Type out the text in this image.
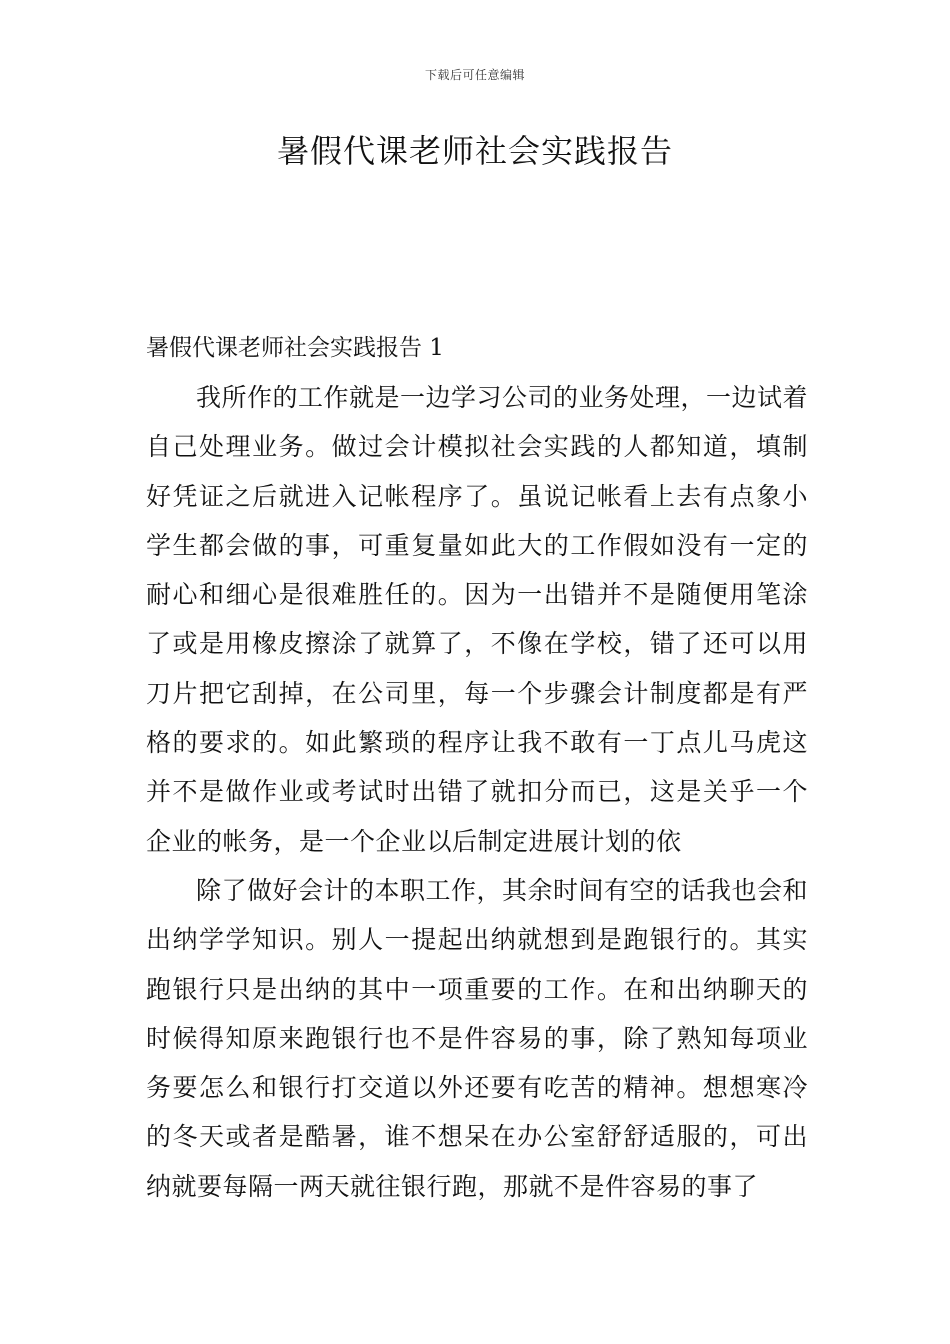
下载后可任意编辑
暑假代课老师社会实践报告
暑假代课老师社会实践报告 1

我所作的工作就是一边学习公司的业务处理，一边试着自己处理业务。做过会计模拟社会实践的人都知道，填制好凭证之后就进入记帐程序了。虽说记帐看上去有点象小学生都会做的事，可重复量如此大的工作假如没有一定的耐心和细心是很难胜任的。因为一出错并不是随便用笔涂了或是用橡皮擦涂了就算了，不像在学校，错了还可以用刀片把它刮掉，在公司里，每一个步骤会计制度都是有严格的要求的。如此繁琐的程序让我不敢有一丁点儿马虎这并不是做作业或考试时出错了就扣分而已，这是关乎一个企业的帐务，是一个企业以后制定进展计划的依

除了做好会计的本职工作，其余时间有空的话我也会和出纳学学知识。别人一提起出纳就想到是跑银行的。其实跑银行只是出纳的其中一项重要的工作。在和出纳聊天的时候得知原来跑银行也不是件容易的事，除了熟知每项业务要怎么和银行打交道以外还要有吃苦的精神。想想寒冷的冬天或者是酷暑，谁不想呆在办公室舒舒适服的，可出纳就要每隔一两天就往银行跑，那就不是件容易的事了
